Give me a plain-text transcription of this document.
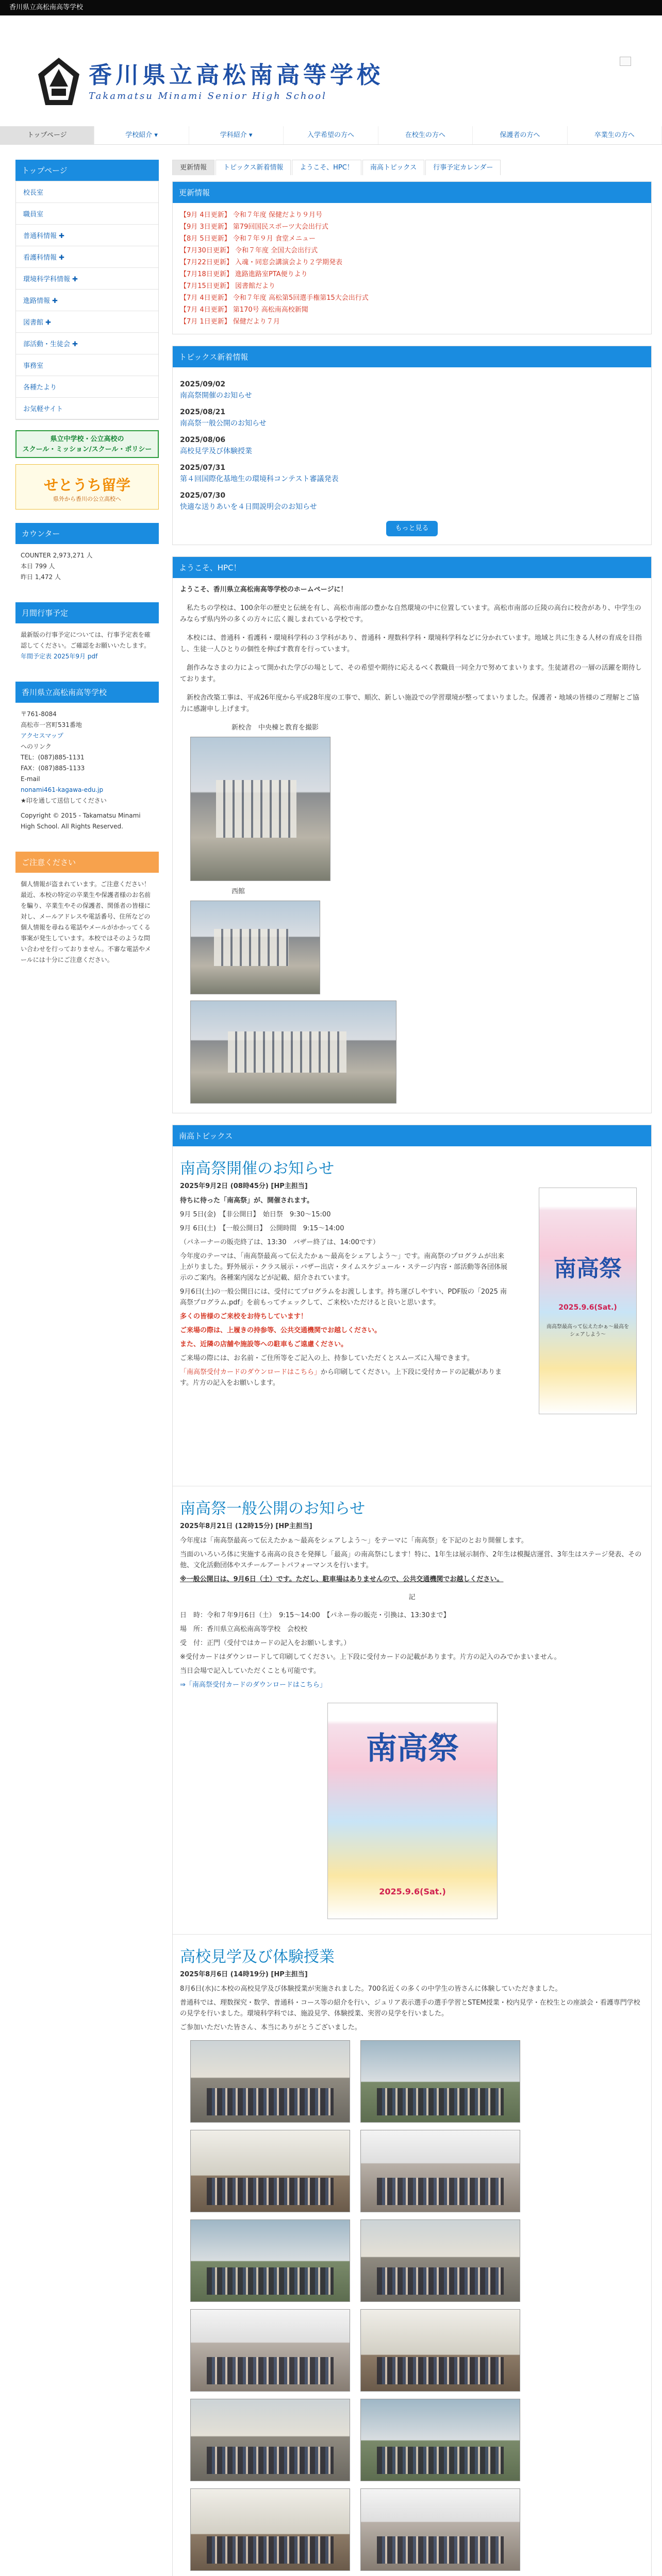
香川県立高松南高等学校
香川県立高松南高等学校
Takamatsu Minami Senior High School
トップページ	学校紹介 ▾	学科紹介 ▾	入学希望の方へ	在校生の方へ	保護者の方へ	卒業生の方へ
トップページ
校長室
職員室
普通科情報 ✚
看護科情報 ✚
環境科学科情報 ✚
進路情報 ✚
図書館 ✚
部活動・生徒会 ✚
事務室
各種たより
お気軽サイト
県立中学校・公立高校の
スクール・ミッション/スクール・ポリシー
せとうち留学
県外から香川の公立高校へ
カウンター
COUNTER 2,973,271 人
本日 799 人
昨日 1,472 人
月間行事予定
最新版の行事予定については、行事予定表を確認してください。ご確認をお願いいたします。
年間予定表 2025年9月 pdf
香川県立高松南高等学校
〒761-8084
高松市一宮町531番地
アクセスマップ
へのリンク
TEL：(087)885-1131
FAX：(087)885-1133
E-mail
nonami461-kagawa-edu.jp
★印を通して送信してください
Copyright © 2015 - Takamatsu Minami High School. All Rights Reserved.
ご注意ください
個人情報が盗まれています。ご注意ください！　最近、本校の特定の卒業生や保護者様のお名前を騙り、卒業生やその保護者、関係者の皆様に対し、メールアドレスや電話番号、住所などの個人情報を尋ねる電話やメールがかかってくる事案が発生しています。本校ではそのような問い合わせを行っておりません。不審な電話やメールには十分にご注意ください。
更新情報	トピックス新着情報	ようこそ、HPC！	南高トピックス	行事予定カレンダー
更新情報
【9月 4日更新】 令和７年度 保健だより９月号
【9月 3日更新】 第79回国民スポーツ大会出行式
【8月 5日更新】 令和７年９月 食堂メニュー
【7月30日更新】 令和７年度 全国大会出行式
【7月22日更新】 入魂・同窓会講演会より２学期発表
【7月18日更新】 進路進路室PTA便りより
【7月15日更新】 図書館だより
【7月 4日更新】 令和７年度 高松第5回選手権第15大会出行式
【7月 4日更新】 第170号 高松南高校新聞
【7月 1日更新】 保健だより７月
トピックス新着情報
2025/09/02
南高祭開催のお知らせ
2025/08/21
南高祭一般公開のお知らせ
2025/08/06
高校見学及び体験授業
2025/07/31
第４回国際化基地生の環境科コンテスト審議発表
2025/07/30
快適な送りあいを４日間説明会のお知らせ
もっと見る
ようこそ、HPC！

ようこそ、香川県立高松南高等学校のホームページに！

私たちの学校は、100余年の歴史と伝統を有し、高松市南部の豊かな自然環境の中に位置しています。高松市南部の丘陵の高台に校舎があり、中学生のみならず県内外の多くの方々に広く親しまれている学校です。

本校には、普通科・看護科・環境科学科の３学科があり、普通科・理数科学科・環境科学科などに分かれています。地域と共に生きる人材の育成を目指し、生徒一人ひとりの個性を伸ばす教育を行っています。

創作みなさまの力によって開かれた学びの場として、その希望や期待に応えるべく教職員一同全力で努めてまいります。生徒諸君の一層の活躍を期待しております。

新校舎改築工事は、平成26年度から平成28年度の工事で、順次、新しい施設での学習環境が整ってまいりました。保護者・地域の皆様のご理解とご協力に感謝申し上げます。

新校舎　中央棟と教育を撮影
西館
南高トピックス
南高祭開催のお知らせ
2025年9月2日 (08時45分) [HP主担当]

待ちに待った「南高祭」が、開催されます。

9月 5日(金)　【非公開日】　始日祭　9:30〜15:00

9月 6日(土)　【一般公開日】　公開時間　9:15〜14:00

（パネーナーの販売終了は、13:30　バザー終了は、14:00です）

今年度のテーマは、「南高祭最高って伝えたかぁ〜最高をシェアしよう〜」です。南高祭のプログラムが出来上がりました。野外展示・クラス展示・バザー出店・タイムスケジュール・ステージ内容・部活動等各団体展示のご案内。各種案内図などが記載、紹介されています。

9月6日(土)の一般公開日には、受付にてプログラムをお渡しします。持ち運びしやすい、PDF版の「2025 南高祭プログラム.pdf」を前もってチェックして、ご来校いただけると良いと思います。

多くの皆様のご来校をお待ちしています！

ご来場の際は、上履きの持参等、公共交通機関でお越しください。

また、近隣の店舗や施設等への駐車もご遠慮ください。

ご来場の際には、お名前・ご住所等をご記入の上、持参していただくとスムーズに入場できます。

「南高祭受付カードのダウンロードはこちら」から印刷してください。上下段に受付カードの記載があります。片方の記入をお願いします。

南高祭
2025.9.6(Sat.)
南高祭最高って伝えたかぁ〜最高をシェアしよう〜
南高祭一般公開のお知らせ
2025年8月21日 (12時15分) [HP主担当]

今年度は「南高祭最高って伝えたかぁ〜最高をシェアしよう〜」をテーマに「南高祭」を下記のとおり開催します。

当面のいろいろ体に実施する南高の良さを発揮し「最高」の南高祭にします！特に、1年生は展示制作、2年生は模擬店運営、3年生はステージ発表、その他、文化活動団体やスチールアートパフォーマンスを行います。

※一般公開日は、9月6日（土）です。ただし、駐車場はありませんので、公共交通機関でお越しください。

記

日　時：令和７年9月6日（土）　9:15〜14:00　【パネー券の販売・引換は、13:30まで】

場　所：香川県立高松南高等学校　会校校

受　付：正門（受付ではカードの記入をお願いします。）

※受付カードはダウンロードして印刷してください。上下段に受付カードの記載があります。片方の記入のみでかまいません。

当日会場で記入していただくことも可能です。

⇒「南高祭受付カードのダウンロードはこちら」

南高祭
2025.9.6(Sat.)
高校見学及び体験授業
2025年8月6日 (14時19分) [HP主担当]

8月6日(水)に本校の高校見学及び体験授業が実施されました。700名近くの多くの中学生の皆さんに体験していただきました。

普通科では、理数探究・数学、普通科・コース等の紹介を行い、ジュリア表示選手の選手学習とSTEM授業・校内見学・在校生との座談会・看護専門学校の見学を行いました。環境科学科では、施設見学、体験授業、実習の見学を行いました。

ご参加いただいた皆さん、本当にありがとうございました。
